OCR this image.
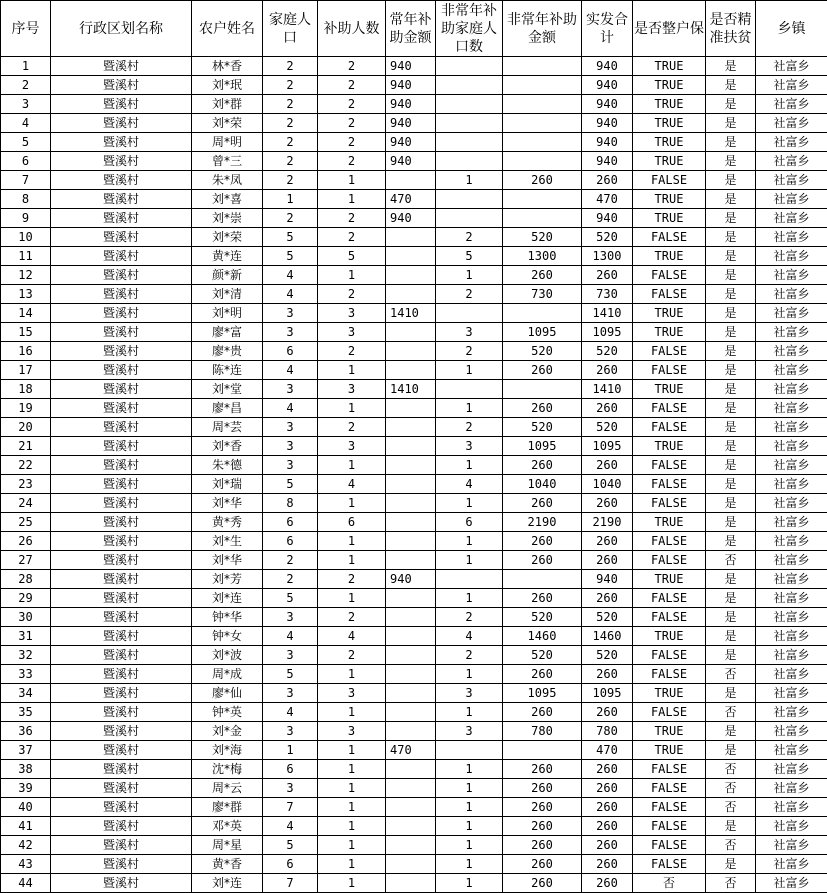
序号	行政区划名称	农户姓名	家庭人口	补助人数	常年补助金额	非常年补助家庭人口数	非常年补助金额	实发合计	是否整户保	是否精准扶贫	乡镇
1	暨溪村	林*香	2	2	940			940	TRUE	是	社富乡
2	暨溪村	刘*珉	2	2	940			940	TRUE	是	社富乡
3	暨溪村	刘*群	2	2	940			940	TRUE	是	社富乡
4	暨溪村	刘*荣	2	2	940			940	TRUE	是	社富乡
5	暨溪村	周*明	2	2	940			940	TRUE	是	社富乡
6	暨溪村	曾*三	2	2	940			940	TRUE	是	社富乡
7	暨溪村	朱*凤	2	1		1	260	260	FALSE	是	社富乡
8	暨溪村	刘*喜	1	1	470			470	TRUE	是	社富乡
9	暨溪村	刘*崇	2	2	940			940	TRUE	是	社富乡
10	暨溪村	刘*荣	5	2		2	520	520	FALSE	是	社富乡
11	暨溪村	黄*连	5	5		5	1300	1300	TRUE	是	社富乡
12	暨溪村	颜*新	4	1		1	260	260	FALSE	是	社富乡
13	暨溪村	刘*清	4	2		2	730	730	FALSE	是	社富乡
14	暨溪村	刘*明	3	3	1410			1410	TRUE	是	社富乡
15	暨溪村	廖*富	3	3		3	1095	1095	TRUE	是	社富乡
16	暨溪村	廖*贵	6	2		2	520	520	FALSE	是	社富乡
17	暨溪村	陈*连	4	1		1	260	260	FALSE	是	社富乡
18	暨溪村	刘*堂	3	3	1410			1410	TRUE	是	社富乡
19	暨溪村	廖*昌	4	1		1	260	260	FALSE	是	社富乡
20	暨溪村	周*芸	3	2		2	520	520	FALSE	是	社富乡
21	暨溪村	刘*香	3	3		3	1095	1095	TRUE	是	社富乡
22	暨溪村	朱*德	3	1		1	260	260	FALSE	是	社富乡
23	暨溪村	刘*瑞	5	4		4	1040	1040	FALSE	是	社富乡
24	暨溪村	刘*华	8	1		1	260	260	FALSE	是	社富乡
25	暨溪村	黄*秀	6	6		6	2190	2190	TRUE	是	社富乡
26	暨溪村	刘*生	6	1		1	260	260	FALSE	是	社富乡
27	暨溪村	刘*华	2	1		1	260	260	FALSE	否	社富乡
28	暨溪村	刘*芳	2	2	940			940	TRUE	是	社富乡
29	暨溪村	刘*连	5	1		1	260	260	FALSE	是	社富乡
30	暨溪村	钟*华	3	2		2	520	520	FALSE	是	社富乡
31	暨溪村	钟*女	4	4		4	1460	1460	TRUE	是	社富乡
32	暨溪村	刘*波	3	2		2	520	520	FALSE	是	社富乡
33	暨溪村	周*成	5	1		1	260	260	FALSE	否	社富乡
34	暨溪村	廖*仙	3	3		3	1095	1095	TRUE	是	社富乡
35	暨溪村	钟*英	4	1		1	260	260	FALSE	否	社富乡
36	暨溪村	刘*金	3	3		3	780	780	TRUE	是	社富乡
37	暨溪村	刘*海	1	1	470			470	TRUE	是	社富乡
38	暨溪村	沈*梅	6	1		1	260	260	FALSE	否	社富乡
39	暨溪村	周*云	3	1		1	260	260	FALSE	否	社富乡
40	暨溪村	廖*群	7	1		1	260	260	FALSE	否	社富乡
41	暨溪村	邓*英	4	1		1	260	260	FALSE	是	社富乡
42	暨溪村	周*星	5	1		1	260	260	FALSE	否	社富乡
43	暨溪村	黄*香	6	1		1	260	260	FALSE	是	社富乡
44	暨溪村	刘*连	7	1		1	260	260	否	否	社富乡
